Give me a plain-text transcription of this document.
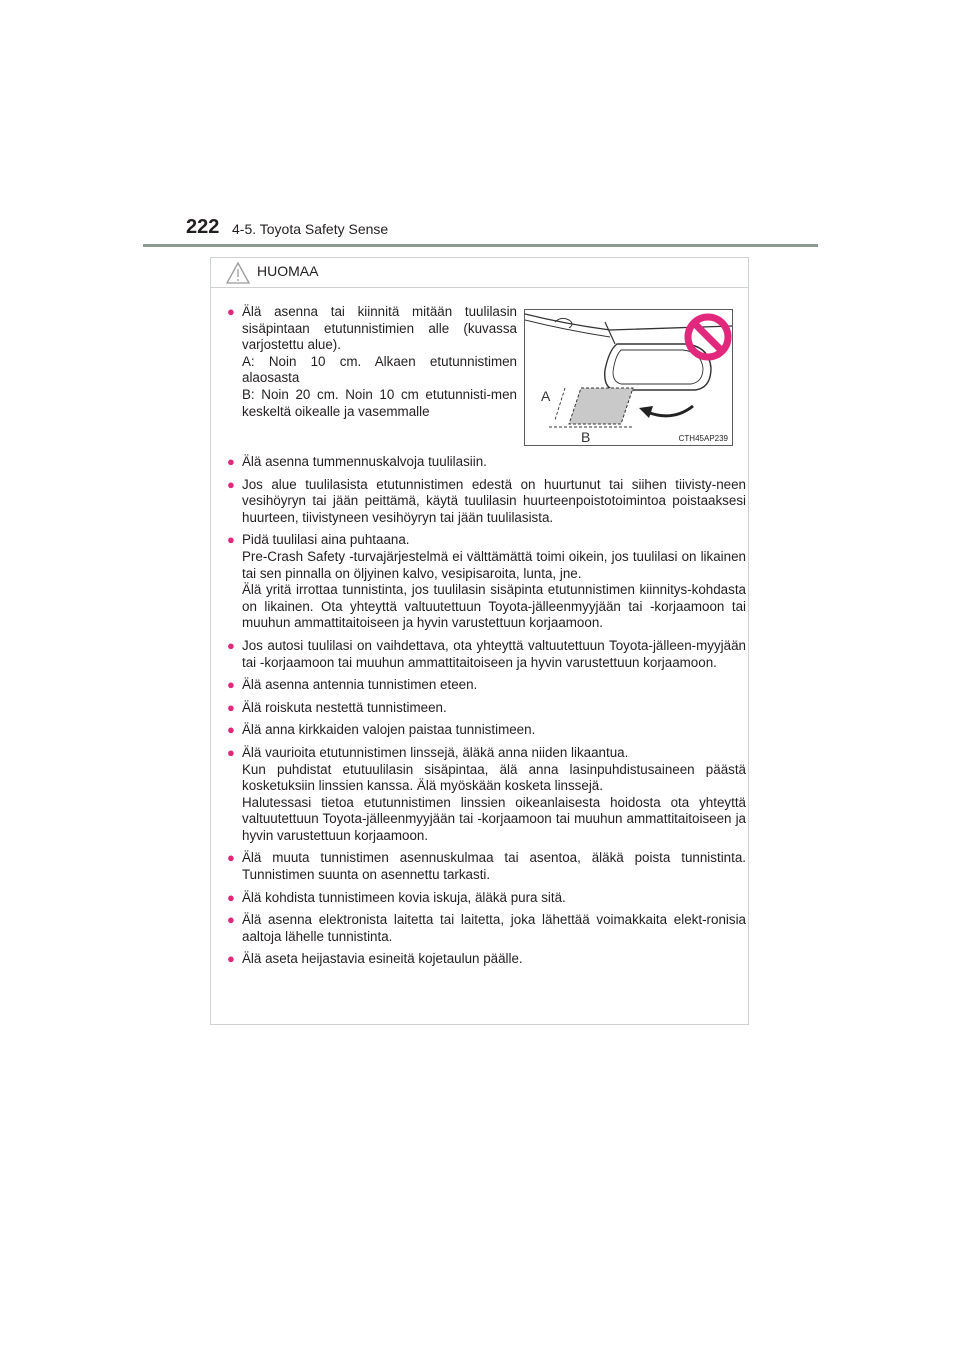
222 4-5. Toyota Safety Sense
HUOMAA
A
B	CTH45AP239
● Älä asenna tai kiinnitä mitään tuulilasin sisäpintaan etutunnistimien alle (kuvassa varjostettu alue).
A: Noin 10 cm. Alkaen etutunnistimen alaosasta
B: Noin 20 cm. Noin 10 cm etutunnisti-men keskeltä oikealle ja vasemmalle
● Älä asenna tummennuskalvoja tuulilasiin.
● Jos alue tuulilasista etutunnistimen edestä on huurtunut tai siihen tiivisty-neen vesihöyryn tai jään peittämä, käytä tuulilasin huurteenpoistotoimintoa poistaaksesi huurteen, tiivistyneen vesihöyryn tai jään tuulilasista.
● Pidä tuulilasi aina puhtaana.
Pre-Crash Safety -turvajärjestelmä ei välttämättä toimi oikein, jos tuulilasi on likainen tai sen pinnalla on öljyinen kalvo, vesipisaroita, lunta, jne.
Älä yritä irrottaa tunnistinta, jos tuulilasin sisäpinta etutunnistimen kiinnitys-kohdasta on likainen. Ota yhteyttä valtuutettuun Toyota-jälleenmyyjään tai -korjaamoon tai muuhun ammattitaitoiseen ja hyvin varustettuun korjaamoon.
● Jos autosi tuulilasi on vaihdettava, ota yhteyttä valtuutettuun Toyota-jälleen-myyjään tai -korjaamoon tai muuhun ammattitaitoiseen ja hyvin varustettuun korjaamoon.
● Älä asenna antennia tunnistimen eteen.
● Älä roiskuta nestettä tunnistimeen.
● Älä anna kirkkaiden valojen paistaa tunnistimeen.
● Älä vaurioita etutunnistimen linssejä, äläkä anna niiden likaantua.
Kun puhdistat etutuulilasin sisäpintaa, älä anna lasinpuhdistusaineen päästä kosketuksiin linssien kanssa. Älä myöskään kosketa linssejä.
Halutessasi tietoa etutunnistimen linssien oikeanlaisesta hoidosta ota yhteyttä valtuutettuun Toyota-jälleenmyyjään tai -korjaamoon tai muuhun ammattitaitoiseen ja hyvin varustettuun korjaamoon.
● Älä muuta tunnistimen asennuskulmaa tai asentoa, äläkä poista tunnistinta. Tunnistimen suunta on asennettu tarkasti.
● Älä kohdista tunnistimeen kovia iskuja, äläkä pura sitä.
● Älä asenna elektronista laitetta tai laitetta, joka lähettää voimakkaita elekt-ronisia aaltoja lähelle tunnistinta.
● Älä aseta heijastavia esineitä kojetaulun päälle.
